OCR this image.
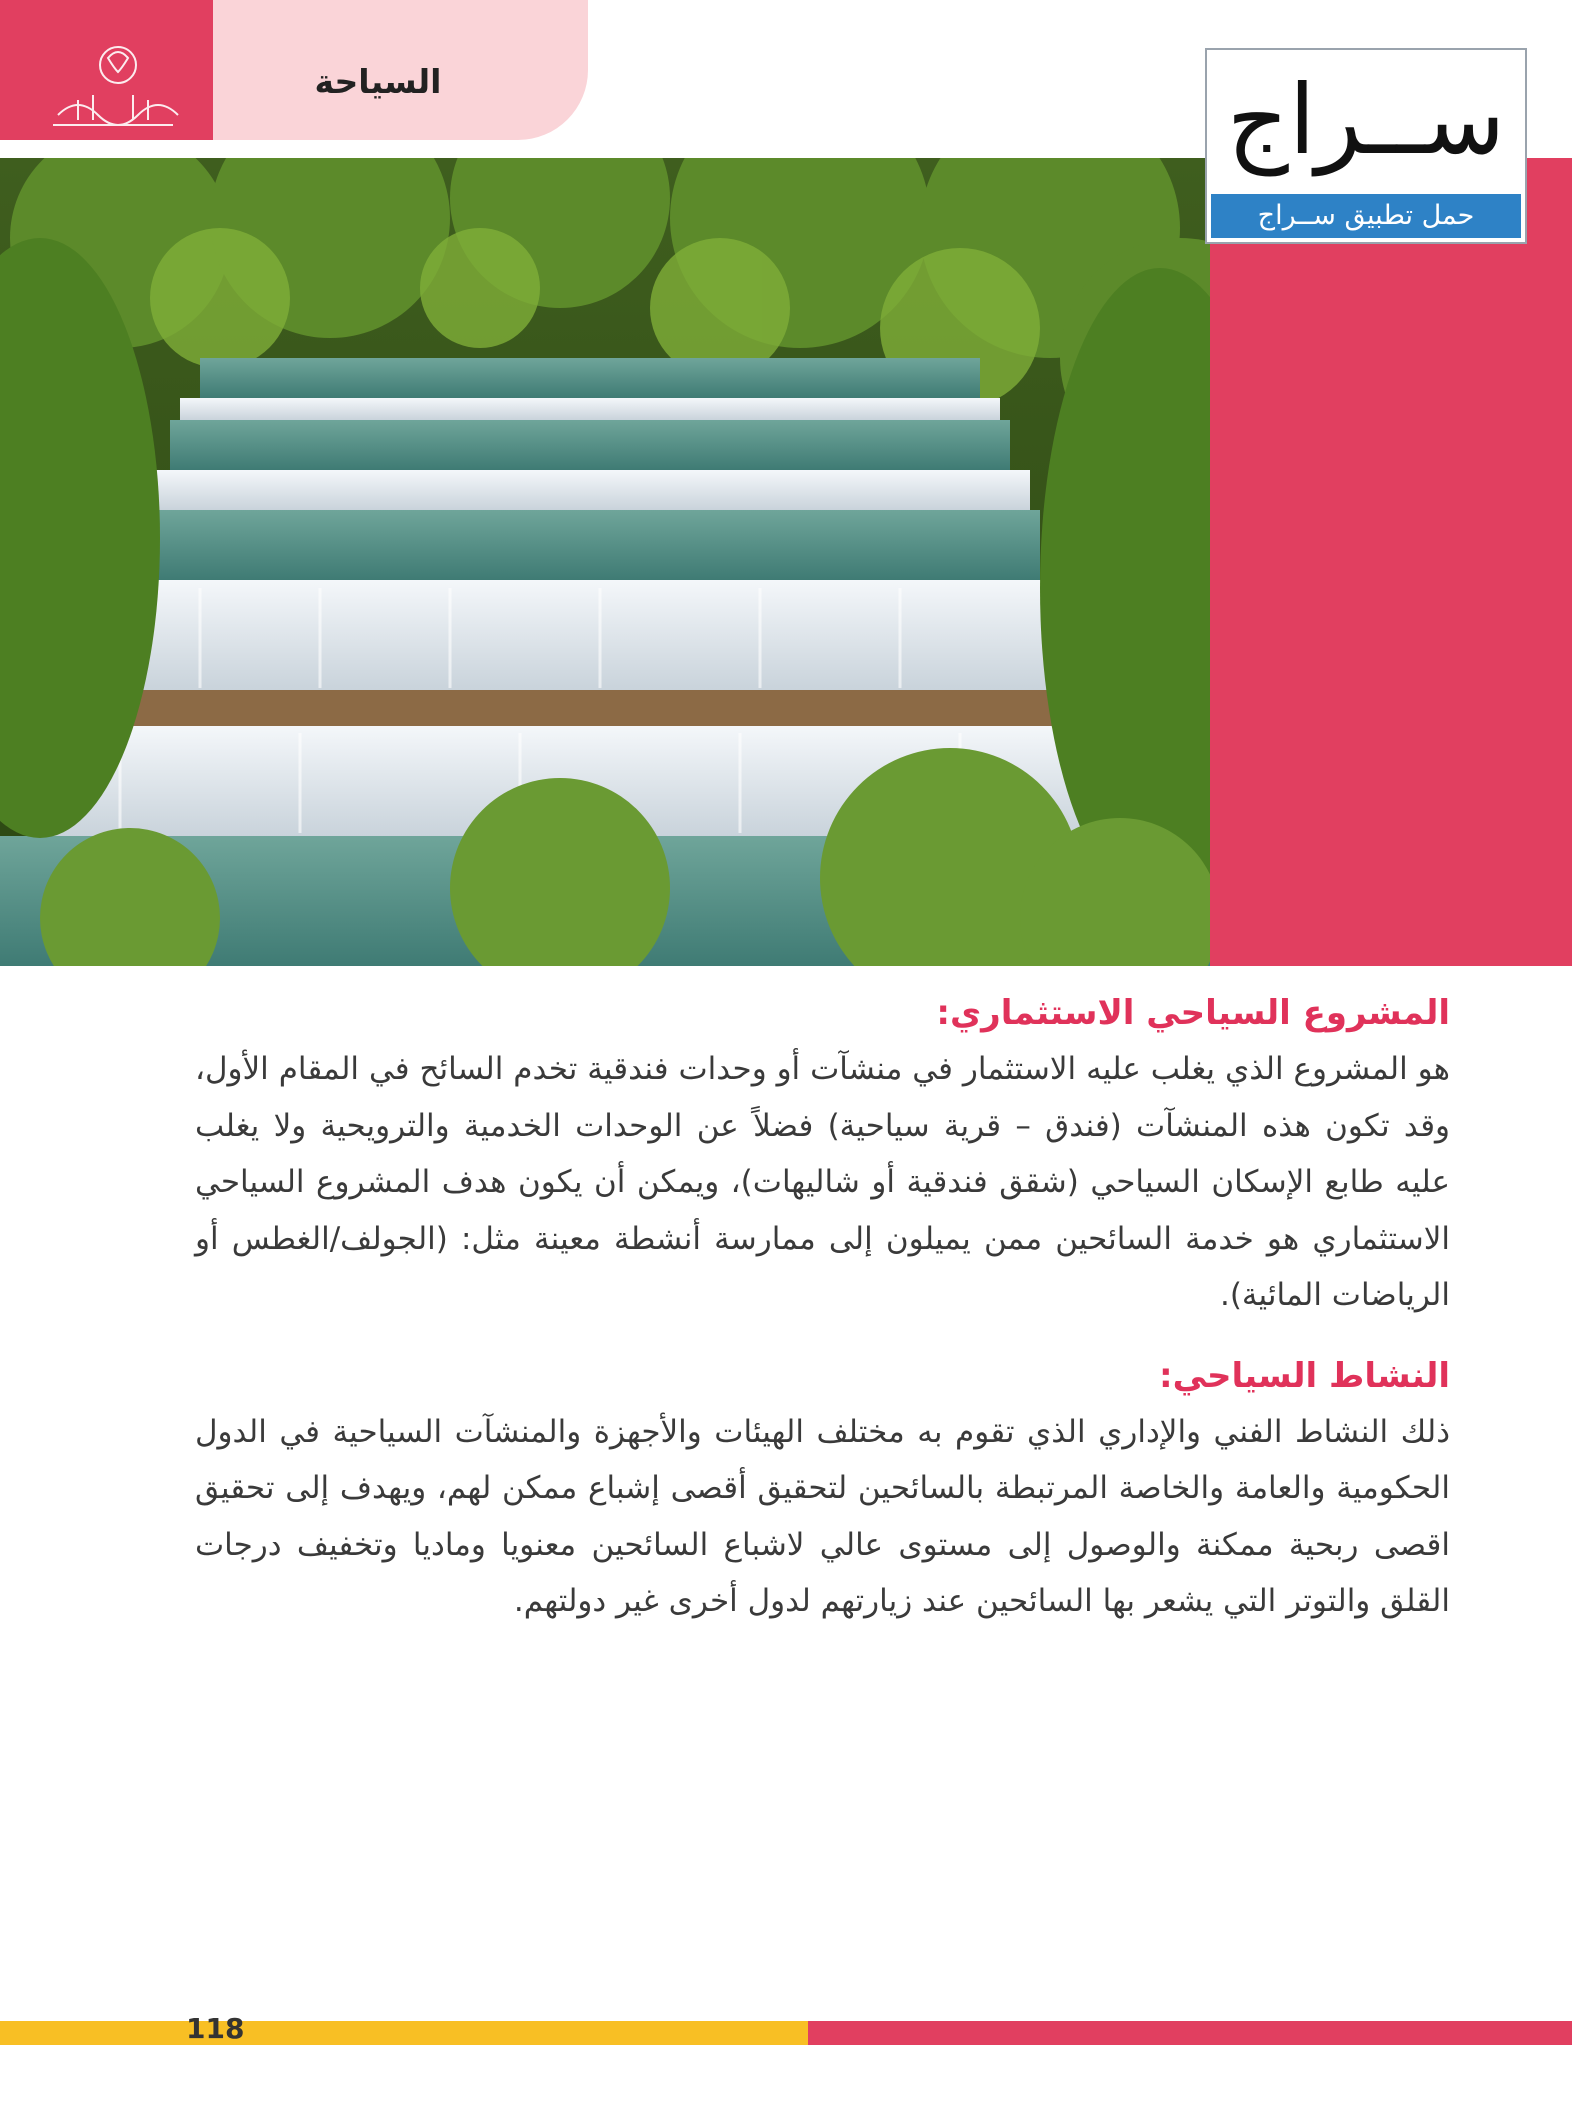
السياحة	ســراج
حمل تطبيق ســراج
المشروع السياحي الاستثماري:

هو المشروع الذي يغلب عليه الاستثمار في منشآت أو وحدات فندقية تخدم السائح في المقام الأول، وقد تكون هذه المنشآت (فندق – قرية سياحية) فضلاً عن الوحدات الخدمية والترويحية ولا يغلب عليه طابع الإسكان السياحي (شقق فندقية أو شاليهات)، ويمكن أن يكون هدف المشروع السياحي الاستثماري هو خدمة السائحين ممن يميلون إلى ممارسة أنشطة معينة مثل: (الجولف/الغطس أو الرياضات المائية).

النشاط السياحي:

ذلك النشاط الفني والإداري الذي تقوم به مختلف الهيئات والأجهزة والمنشآت السياحية في الدول الحكومية والعامة والخاصة المرتبطة بالسائحين لتحقيق أقصى إشباع ممكن لهم، ويهدف إلى تحقيق اقصى ربحية ممكنة والوصول إلى مستوى عالي لاشباع السائحين معنويا وماديا وتخفيف درجات القلق والتوتر التي يشعر بها السائحين عند زيارتهم لدول أخرى غير دولتهم.

118
